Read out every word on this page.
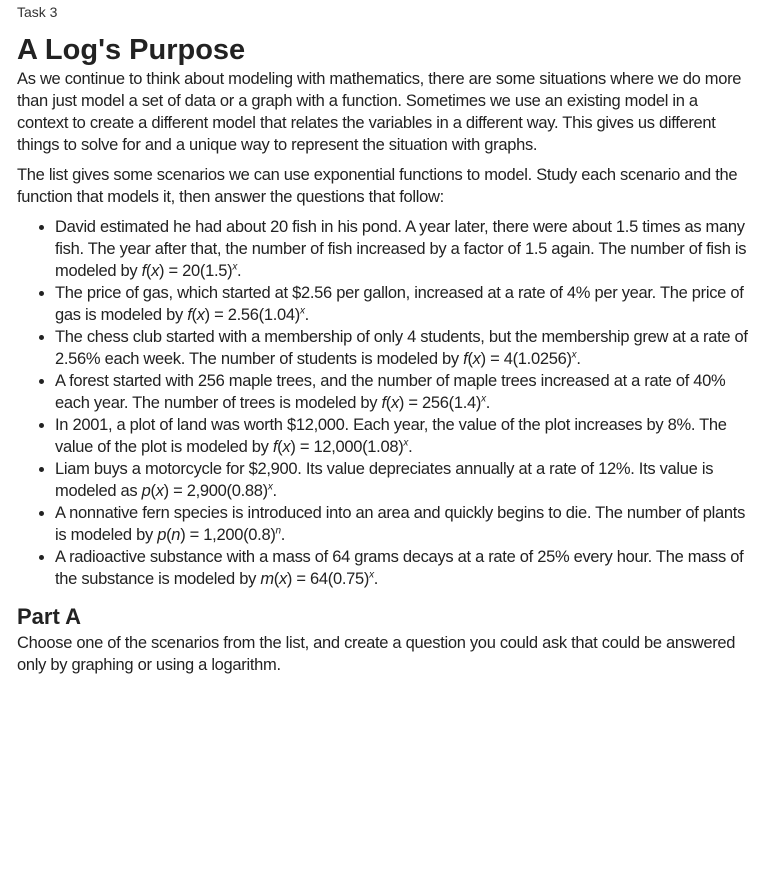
Task 3
A Log's Purpose

As we continue to think about modeling with mathematics, there are some situations where we do more than just model a set of data or a graph with a function. Sometimes we use an existing model in a context to create a different model that relates the variables in a different way. This gives us different things to solve for and a unique way to represent the situation with graphs.

The list gives some scenarios we can use exponential functions to model. Study each scenario and the function that models it, then answer the questions that follow:

• David estimated he had about 20 fish in his pond. A year later, there were about 1.5 times as many fish. The year after that, the number of fish increased by a factor of 1.5 again. The number of fish is modeled by f ( x ) = $20(1.5)^x$.
• The price of gas, which started at $2.56 per gallon, increased at a rate of 4% per year. The price of gas is modeled by f ( x ) = $2.56(1.04)^x$.
• The chess club started with a membership of only 4 students, but the membership grew at a rate of 2.56% each week. The number of students is modeled by f ( x ) = $4(1.0256)^x$.
• A forest started with 256 maple trees, and the number of maple trees increased at a rate of 40% each year. The number of trees is modeled by f ( x ) = $256(1.4)^x$.
• In 2001, a plot of land was worth $12,000. Each year, the value of the plot increases by 8%. The value of the plot is modeled by f ( x ) = $12,000(1.08)^x$.
• Liam buys a motorcycle for $2,900. Its value depreciates annually at a rate of 12%. Its value is modeled as p ( x ) = $2,900(0.88)^x$.
• A nonnative fern species is introduced into an area and quickly begins to die. The number of plants is modeled by p ( n ) = $1,200(0.8)^n$.
• A radioactive substance with a mass of 64 grams decays at a rate of 25% every hour. The mass of the substance is modeled by m ( x ) = $64(0.75)^x$.
Part A

Choose one of the scenarios from the list, and create a question you could ask that could be answered only by graphing or using a logarithm.
